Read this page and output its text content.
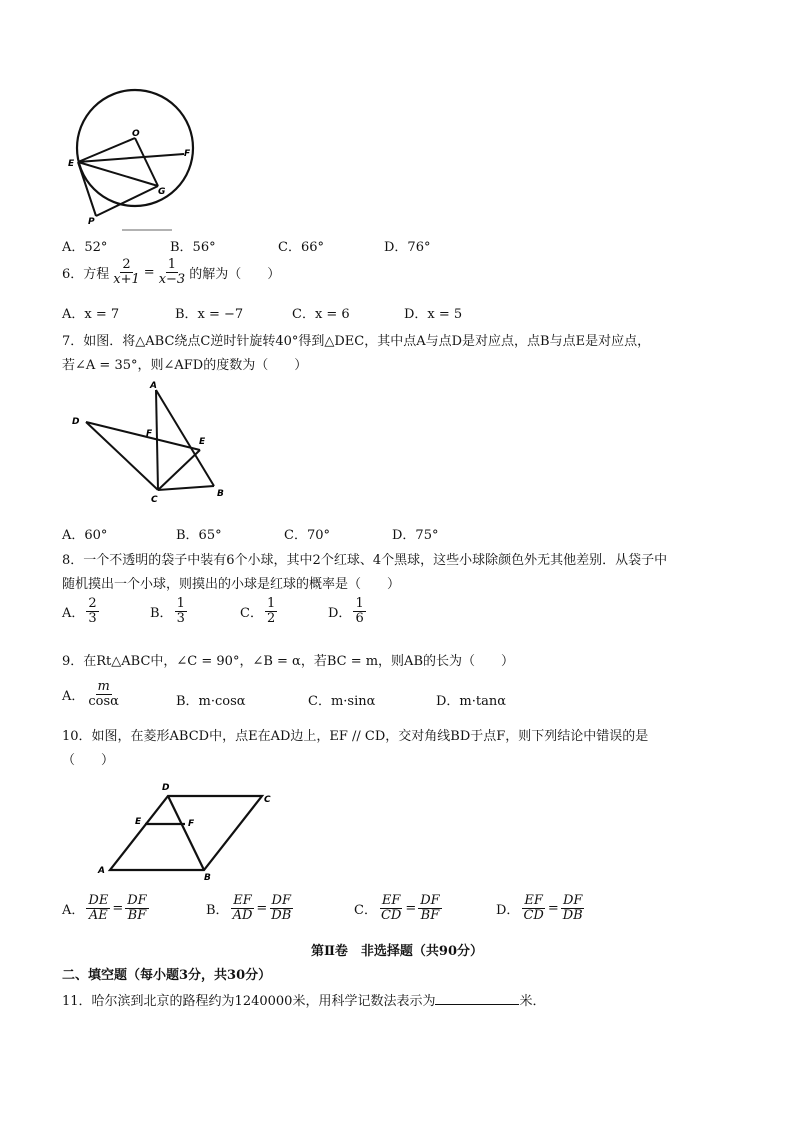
O
E
F
G
P
A．52°	B．56°	C．66°	D．76°
6．方程 $\frac{2}{x+1} = \frac{1}{x-3}$ 的解为（　　）
A．x = 7	B．x = −7	C．x = 6	D．x = 5
7．如图．将△ABC绕点C逆时针旋转40°得到△DEC，其中点A与点D是对应点，点B与点E是对应点，
若∠A = 35°，则∠AFD的度数为（　　）
A
D
F
E
C
B
A．60°	B．65°	C．70°	D．75°
8．一个不透明的袋子中装有6个小球，其中2个红球、4个黑球，这些小球除颜色外无其他差别．从袋子中
随机摸出一个小球，则摸出的小球是红球的概率是（　　）
A． $\frac{2}{3}$	B． $\frac{1}{3}$	C． $\frac{1}{2}$	D． $\frac{1}{6}$
9．在Rt△ABC中，∠C = 90°，∠B = α，若BC = m，则AB的长为（　　）
A． $\frac{m}{\cos\alpha}$	B．m·cosα	C．m·sinα	D．m·tanα
10．如图，在菱形ABCD中，点E在AD边上，EF // CD，交对角线BD于点F，则下列结论中错误的是
（　　）
D
C
E	F
A
B
A． $\frac{DE}{AE} = \frac{DF}{BF}$	B． $\frac{EF}{AD} = \frac{DF}{DB}$	C． $\frac{EF}{CD} = \frac{DF}{BF}$	D． $\frac{EF}{CD} = \frac{DF}{DB}$
第Ⅱ卷　非选择题（共90分）
二、填空题（每小题3分，共30分）
11．哈尔滨到北京的路程约为1240000米，用科学记数法表示为	米．
